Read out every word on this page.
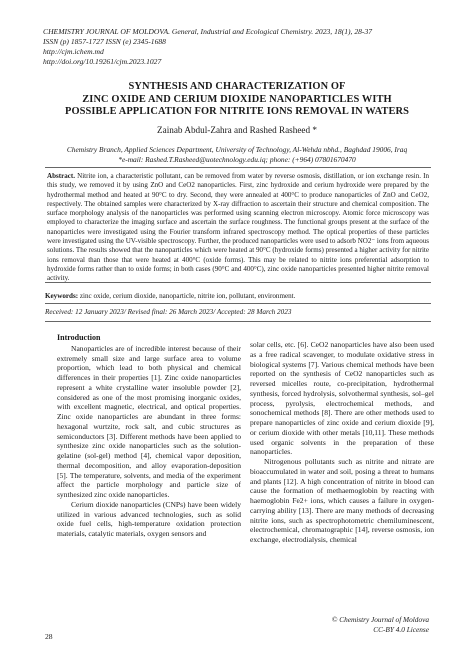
CHEMISTRY JOURNAL OF MOLDOVA. General, Industrial and Ecological Chemistry. 2023, 18(1), 28-37
ISSN (p) 1857-1727 ISSN (e) 2345-1688
http://cjm.ichem.md
http://doi.org/10.19261/cjm.2023.1027
SYNTHESIS AND CHARACTERIZATION OF
ZINC OXIDE AND CERIUM DIOXIDE NANOPARTICLES WITH
POSSIBLE APPLICATION FOR NITRITE IONS REMOVAL IN WATERS
Zainab Abdul-Zahra and Rashed Rasheed *
Chemistry Branch, Applied Sciences Department, University of Technology, Al-Wehda nbhd., Baghdad 19006, Iraq
*e-mail: Rashed.T.Rasheed@uotechnology.edu.iq; phone: (+964) 07801670470
Abstract. Nitrite ion, a characteristic pollutant, can be removed from water by reverse osmosis, distillation, or ion exchange resin. In this study, we removed it by using ZnO and CeO2 nanoparticles. First, zinc hydroxide and cerium hydroxide were prepared by the hydrothermal method and heated at 90°C to dry. Second, they were annealed at 400°C to produce nanoparticles of ZnO and CeO2, respectively. The obtained samples were characterized by X-ray diffraction to ascertain their structure and chemical composition. The surface morphology analysis of the nanoparticles was performed using scanning electron microscopy. Atomic force microscopy was employed to characterize the imaging surface and ascertain the surface roughness. The functional groups present at the surface of the nanoparticles were investigated using the Fourier transform infrared spectroscopy method. The optical properties of these particles were investigated using the UV-visible spectroscopy. Further, the produced nanoparticles were used to adsorb NO2⁻ ions from aqueous solutions. The results showed that the nanoparticles which were heated at 90°C (hydroxide forms) presented a higher activity for nitrite ions removal than those that were heated at 400°C (oxide forms). This may be related to nitrite ions preferential adsorption to hydroxide forms rather than to oxide forms; in both cases (90°C and 400°C), zinc oxide nanoparticles presented higher nitrite removal activity.
Keywords: zinc oxide, cerium dioxide, nanoparticle, nitrite ion, pollutant, environment.
Received: 12 January 2023/ Revised final: 26 March 2023/ Accepted: 28 March 2023
Introduction

Nanoparticles are of incredible interest because of their extremely small size and large surface area to volume proportion, which lead to both physical and chemical differences in their properties [1]. Zinc oxide nanoparticles represent a white crystalline water insoluble powder [2], considered as one of the most promising inorganic oxides, with excellent magnetic, electrical, and optical properties. Zinc oxide nanoparticles are abundant in three forms: hexagonal wurtzite, rock salt, and cubic structures as semiconductors [3]. Different methods have been applied to synthesize zinc oxide nanoparticles such as the solution-gelatine (sol-gel) method [4], chemical vapor deposition, thermal decomposition, and alloy evaporation-deposition [5]. The temperature, solvents, and media of the experiment affect the particle morphology and particle size of synthesized zinc oxide nanoparticles.

Cerium dioxide nanoparticles (CNPs) have been widely utilized in various advanced technologies, such as solid oxide fuel cells, high-temperature oxidation protection materials, catalytic materials, oxygen sensors and

solar cells, etc. [6]. CeO2 nanoparticles have also been used as a free radical scavenger, to modulate oxidative stress in biological systems [7]. Various chemical methods have been reported on the synthesis of CeO2 nanoparticles such as reversed micelles route, co-precipitation, hydrothermal synthesis, forced hydrolysis, solvothermal synthesis, sol–gel process, pyrolysis, electrochemical methods, and sonochemical methods [8]. There are other methods used to prepare nanoparticles of zinc oxide and cerium dioxide [9], or cerium dioxide with other metals [10,11]. These methods used organic solvents in the preparation of these nanoparticles.

Nitrogenous pollutants such as nitrite and nitrate are bioaccumulated in water and soil, posing a threat to humans and plants [12]. A high concentration of nitrite in blood can cause the formation of methaemoglobin by reacting with haemoglobin Fe2+ ions, which causes a failure in oxygen-carrying ability [13]. There are many methods of decreasing nitrite ions, such as spectrophotometric chemiluminescent, electrochemical, chromatographic [14], reverse osmosis, ion exchange, electrodialysis, chemical

© Chemistry Journal of Moldova
CC-BY 4.0 License
28
